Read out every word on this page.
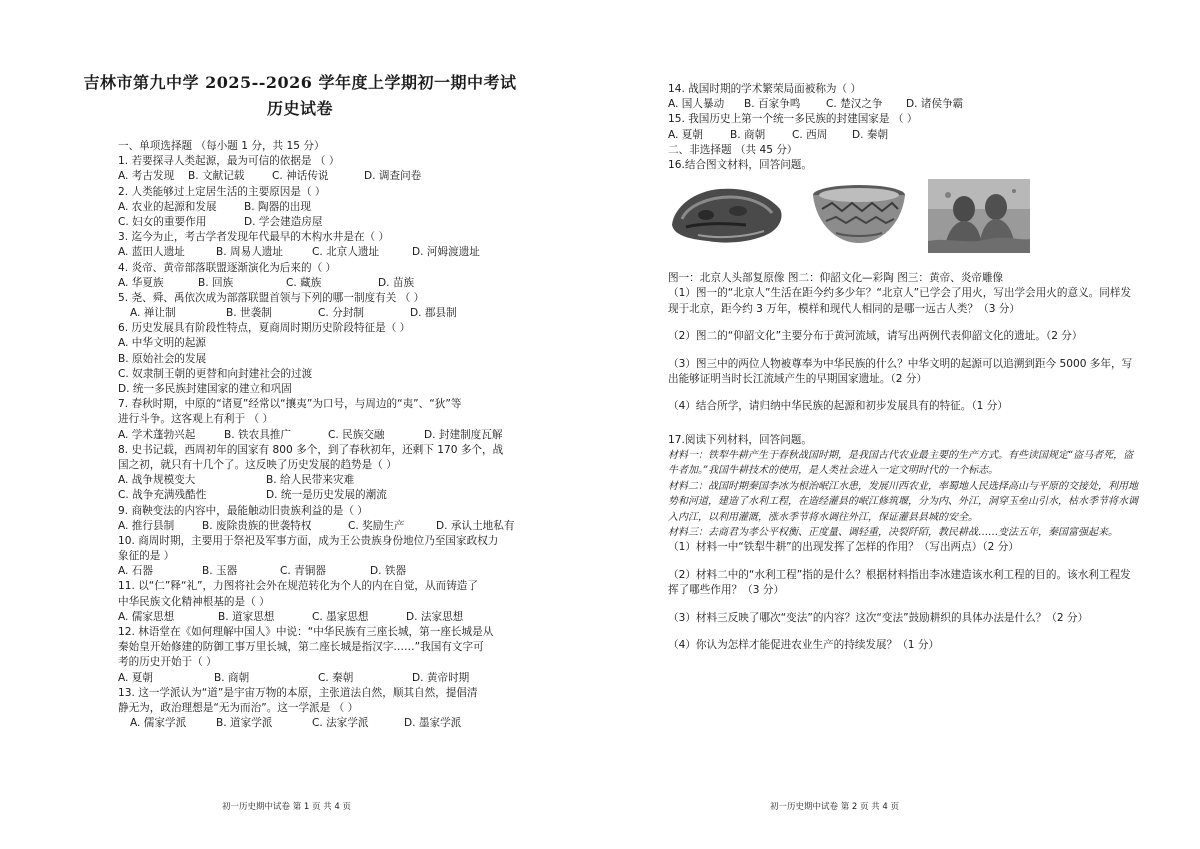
吉林市第九中学 2025--2026 学年度上学期初一期中考试
历史试卷
一、单项选择题 （每小题 1 分，共 15 分）
1. 若要探寻人类起源，最为可信的依据是 （ ）
A. 考古发现	B. 文献记载	C. 神话传说	D. 调查问卷
2. 人类能够过上定居生活的主要原因是（ ）
A. 农业的起源和发展	B. 陶器的出现
C. 妇女的重要作用	D. 学会建造房屋
3. 迄今为止，考古学者发现年代最早的木构水井是在（ ）
A. 蓝田人遗址	B. 周易人遗址	C. 北京人遗址	D. 河姆渡遗址
4. 炎帝、黄帝部落联盟逐渐演化为后来的（ ）
A. 华夏族	B. 回族	C. 藏族	D. 苗族
5. 尧、舜、禹依次成为部落联盟首领与下列的哪一制度有关 （ ）
A. 禅让制	B. 世袭制	C. 分封制	D. 郡县制
6. 历史发展具有阶段性特点，夏商周时期历史阶段特征是（ ）
A. 中华文明的起源
B. 原始社会的发展
C. 奴隶制王朝的更替和向封建社会的过渡
D. 统一多民族封建国家的建立和巩固
7. 春秋时期，中原的“诸夏”经常以“攘夷”为口号，与周边的“夷”、“狄”等
进行斗争。这客观上有利于 （ ）
A. 学术蓬勃兴起	B. 铁农具推广	C. 民族交融	D. 封建制度瓦解
8. 史书记载，西周初年的国家有 800 多个，到了春秋初年，还剩下 170 多个，战
国之初，就只有十几个了。这反映了历史发展的趋势是（ ）
A. 战争规模变大	B. 给人民带来灾难
C. 战争充满残酷性	D. 统一是历史发展的潮流
9. 商鞅变法的内容中，最能触动旧贵族利益的是（ ）
A. 推行县制	B. 废除贵族的世袭特权	C. 奖励生产	D. 承认土地私有
10. 商周时期，主要用于祭祀及军事方面，成为王公贵族身份地位乃至国家政权力
象征的是 ）
A. 石器	B. 玉器	C. 青铜器	D. 铁器
11. 以“仁”释“礼”，力图将社会外在规范转化为个人的内在自觉，从而铸造了
中华民族文化精神根基的是（ ）
A. 儒家思想	B. 道家思想	C. 墨家思想	D. 法家思想
12. 林语堂在《如何理解中国人》中说：“中华民族有三座长城，第一座长城是从
秦始皇开始修建的防御工事万里长城，第二座长城是指汉字……”我国有文字可
考的历史开始于（ ）
A. 夏朝	B. 商朝	C. 秦朝	D. 黄帝时期
13. 这一学派认为“道”是宇宙万物的本原，主张道法自然，顺其自然，提倡清
静无为，政治理想是“无为而治”。这一学派是 （ ）
A. 儒家学派	B. 道家学派	C. 法家学派	D. 墨家学派
初一历史期中试卷 第 1 页 共 4 页
14. 战国时期的学术繁荣局面被称为（ ）
A. 国人暴动	B. 百家争鸣	C. 楚汉之争	D. 诸侯争霸
15. 我国历史上第一个统一多民族的封建国家是 （ ）
A. 夏朝	B. 商朝	C. 西周	D. 秦朝
二、非选择题 （共 45 分）
16.结合图文材料，回答问题。
图一：北京人头部复原像 图二：仰韶文化—彩陶 图三：黄帝、炎帝雕像
（1）图一的“北京人”生活在距今约多少年？“北京人”已学会了用火，写出学会用火的意义。同样发现于北京，距今约 3 万年，模样和现代人相同的是哪一远古人类？（3 分）
（2）图二的“仰韶文化”主要分布于黄河流域，请写出两例代表仰韶文化的遗址。（2 分）
（3）图三中的两位人物被尊奉为中华民族的什么？中华文明的起源可以追溯到距今 5000 多年，写出能够证明当时长江流域产生的早期国家遗址。（2 分）
（4）结合所学，请归纳中华民族的起源和初步发展具有的特征。（1 分）
17.阅读下列材料，回答问题。
材料一：铁犁牛耕产生于春秋战国时期，是我国古代农业最主要的生产方式。有些读国规定“盗马者死，盗牛者加。”我国牛耕技术的使用，是人类社会进入一定文明时代的一个标志。
材料二：战国时期秦国李冰为根治岷江水患，发展川西农业，率蜀地人民选择高山与平原的交接处，利用地势和河道，建造了水利工程，在造经灌县的岷江修筑堰，分为内、外江，洞穿玉垒山引水，枯水季节将水调入内江，以利用灌溉，涨水季节将水调往外江，保证灌县县城的安全。
材料三：去商君为孝公平权衡、正度量、调轻重，决裂阡陌，教民耕战……变法五年，秦国富强起来。
（1）材料一中“铁犁牛耕”的出现发挥了怎样的作用？（写出两点）（2 分）
（2）材料二中的“水利工程”指的是什么？根据材料指出李冰建造该水利工程的目的。该水利工程发挥了哪些作用？（3 分）
（3）材料三反映了哪次“变法”的内容？这次“变法”鼓励耕织的具体办法是什么？（2 分）
（4）你认为怎样才能促进农业生产的持续发展？（1 分）
初一历史期中试卷 第 2 页 共 4 页
